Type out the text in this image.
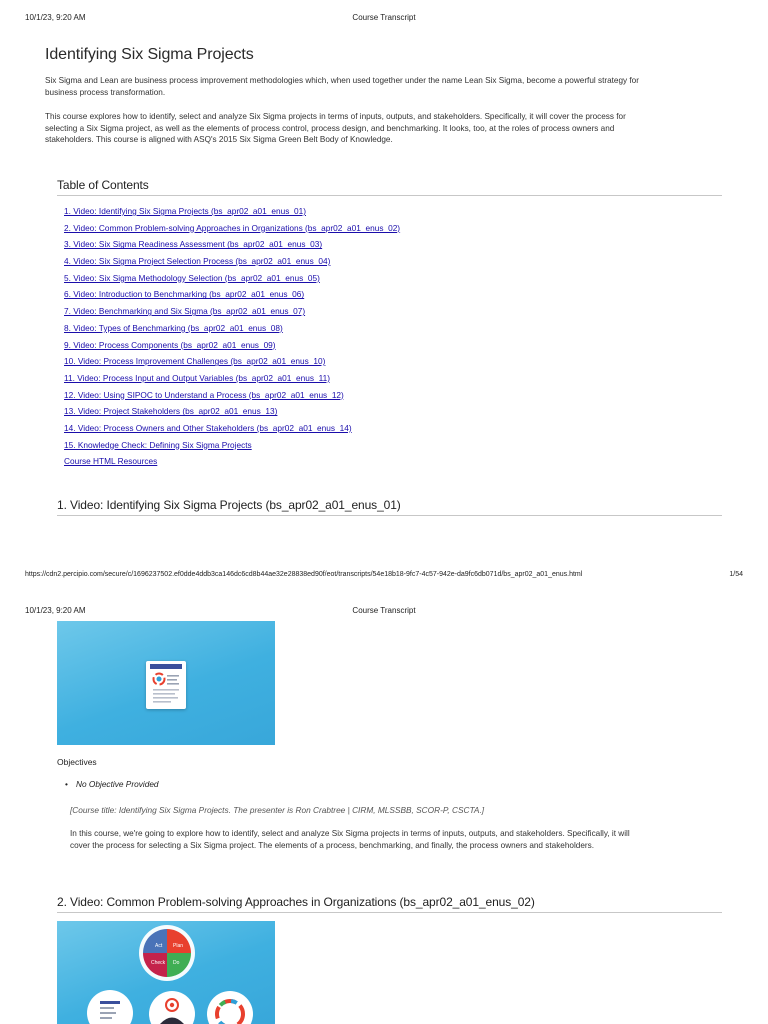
10/1/23, 9:20 AM	Course Transcript
Identifying Six Sigma Projects

Six Sigma and Lean are business process improvement methodologies which, when used together under the name Lean Six Sigma, become a powerful strategy for business process transformation.

This course explores how to identify, select and analyze Six Sigma projects in terms of inputs, outputs, and stakeholders. Specifically, it will cover the process for selecting a Six Sigma project, as well as the elements of process control, process design, and benchmarking. It looks, too, at the roles of process owners and stakeholders. This course is aligned with ASQ's 2015 Six Sigma Green Belt Body of Knowledge.

Table of Contents
1. Video: Identifying Six Sigma Projects (bs_apr02_a01_enus_01)
2. Video: Common Problem-solving Approaches in Organizations (bs_apr02_a01_enus_02)
3. Video: Six Sigma Readiness Assessment (bs_apr02_a01_enus_03)
4. Video: Six Sigma Project Selection Process (bs_apr02_a01_enus_04)
5. Video: Six Sigma Methodology Selection (bs_apr02_a01_enus_05)
6. Video: Introduction to Benchmarking (bs_apr02_a01_enus_06)
7. Video: Benchmarking and Six Sigma (bs_apr02_a01_enus_07)
8. Video: Types of Benchmarking (bs_apr02_a01_enus_08)
9. Video: Process Components (bs_apr02_a01_enus_09)
10. Video: Process Improvement Challenges (bs_apr02_a01_enus_10)
11. Video: Process Input and Output Variables (bs_apr02_a01_enus_11)
12. Video: Using SIPOC to Understand a Process (bs_apr02_a01_enus_12)
13. Video: Project Stakeholders (bs_apr02_a01_enus_13)
14. Video: Process Owners and Other Stakeholders (bs_apr02_a01_enus_14)
15. Knowledge Check: Defining Six Sigma Projects
Course HTML Resources
1. Video: Identifying Six Sigma Projects (bs_apr02_a01_enus_01)
https://cdn2.percipio.com/secure/c/1696237502.ef0dde4ddb3ca146dc6cd8b44ae32e28838ed90f/eot/transcripts/54e18b18-9fc7-4c57-942e-da9fc6db071d/bs_apr02_a01_enus.html	1/54
10/1/23, 9:20 AM	Course Transcript
Objectives
• No Objective Provided
[Course title: Identifying Six Sigma Projects. The presenter is Ron Crabtree | CIRM, MLSSBB, SCOR-P, CSCTA.]

In this course, we're going to explore how to identify, select and analyze Six Sigma projects in terms of inputs, outputs, and stakeholders. Specifically, it will cover the process for selecting a Six Sigma project. The elements of a process, benchmarking, and finally, the process owners and stakeholders.

2. Video: Common Problem-solving Approaches in Organizations (bs_apr02_a01_enus_02)
Act Plan
Check Do
